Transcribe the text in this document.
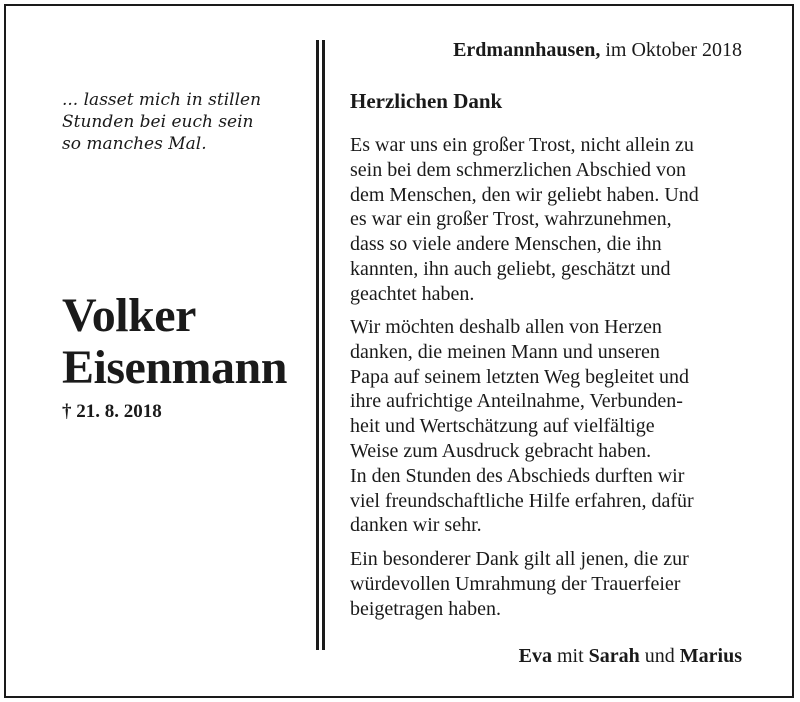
... lasset mich in stillen
Stunden bei euch sein
so manches Mal.
Volker
Eisenmann
† 21. 8. 2018
Erdmannhausen, im Oktober 2018
Herzlichen Dank
Es war uns ein großer Trost, nicht allein zu
sein bei dem schmerzlichen Abschied von
dem Menschen, den wir geliebt haben. Und
es war ein großer Trost, wahrzunehmen,
dass so viele andere Menschen, die ihn
kannten, ihn auch geliebt, geschätzt und
geachtet haben.
Wir möchten deshalb allen von Herzen
danken, die meinen Mann und unseren
Papa auf seinem letzten Weg begleitet und
ihre aufrichtige Anteilnahme, Verbunden-
heit und Wertschätzung auf vielfältige
Weise zum Ausdruck gebracht haben.
In den Stunden des Abschieds durften wir
viel freundschaftliche Hilfe erfahren, dafür
danken wir sehr.
Ein besonderer Dank gilt all jenen, die zur
würdevollen Umrahmung der Trauerfeier
beigetragen haben.
Eva mit Sarah und Marius
